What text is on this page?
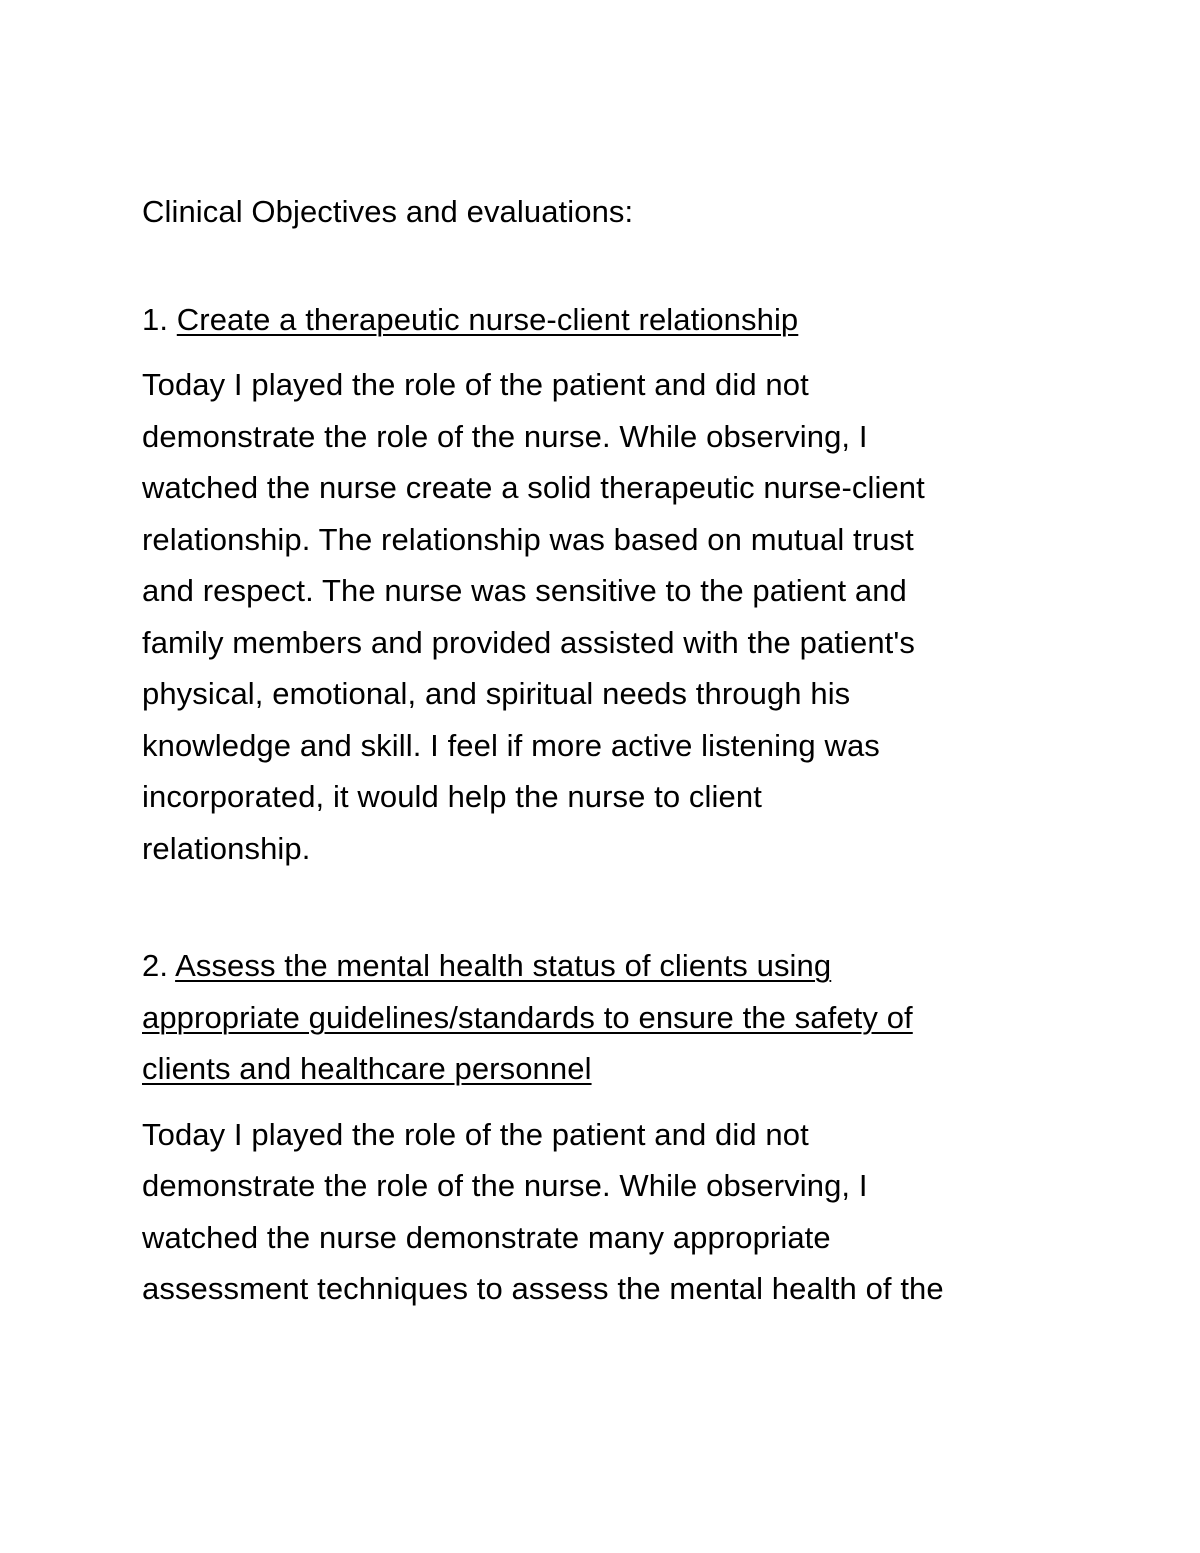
Clinical Objectives and evaluations:
1. Create a therapeutic nurse-client relationship
Today I played the role of the patient and did not
demonstrate the role of the nurse. While observing, I
watched the nurse create a solid therapeutic nurse-client
relationship. The relationship was based on mutual trust
and respect. The nurse was sensitive to the patient and
family members and provided assisted with the patient's
physical, emotional, and spiritual needs through his
knowledge and skill. I feel if more active listening was
incorporated, it would help the nurse to client
relationship.
2. Assess the mental health status of clients using
appropriate guidelines/standards to ensure the safety of
clients and healthcare personnel
Today I played the role of the patient and did not
demonstrate the role of the nurse. While observing, I
watched the nurse demonstrate many appropriate
assessment techniques to assess the mental health of the
